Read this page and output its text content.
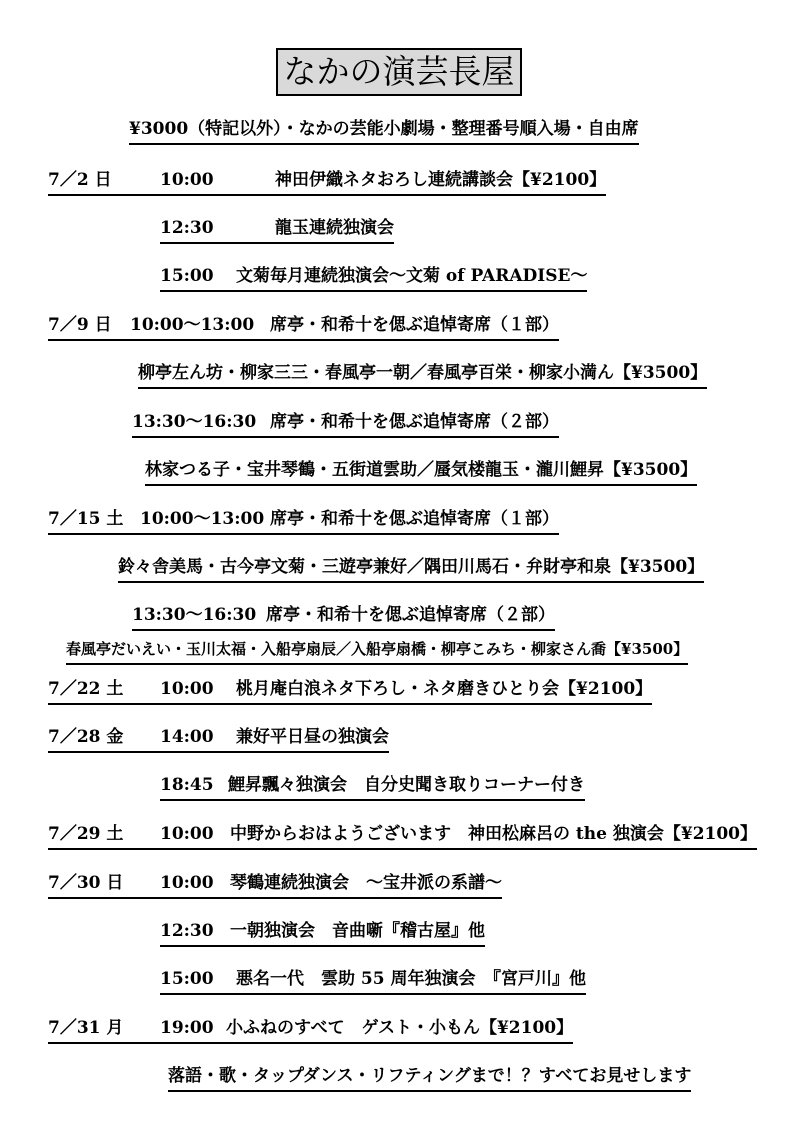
なかの演芸長屋
¥3000（特記以外）・なかの芸能小劇場・整理番号順入場・自由席
7／2 日	10:00	神田伊織ネタおろし連続講談会【¥2100】
12:30	龍玉連続独演会
15:00 文菊毎月連続独演会～文菊 of PARADISE～
7／9 日 10:00～13:00 席亭・和希十を偲ぶ追悼寄席（１部）
柳亭左ん坊・柳家三三・春風亭一朝／春風亭百栄・柳家小満ん【¥3500】
13:30～16:30 席亭・和希十を偲ぶ追悼寄席（２部）
林家つる子・宝井琴鶴・五街道雲助／蜃気楼龍玉・瀧川鯉昇【¥3500】
7／15 土 10:00～13:00 席亭・和希十を偲ぶ追悼寄席（１部）
鈴々舎美馬・古今亭文菊・三遊亭兼好／隅田川馬石・弁財亭和泉【¥3500】
13:30～16:30 席亭・和希十を偲ぶ追悼寄席（２部）
春風亭だいえい・玉川太福・入船亭扇辰／入船亭扇橋・柳亭こみち・柳家さん喬【¥3500】
7／22 土 10:00 桃月庵白浪ネタ下ろし・ネタ磨きひとり会【¥2100】
7／28 金 14:00 兼好平日昼の独演会
18:45 鯉昇飄々独演会　自分史聞き取りコーナー付き
7／29 土 10:00 中野からおはようございます　神田松麻呂の the 独演会【¥2100】
7／30 日 10:00 琴鶴連続独演会　～宝井派の系譜～
12:30 一朝独演会　音曲噺『稽古屋』他
15:00 悪名一代　雲助 55 周年独演会　『宮戸川』他
7／31 月 19:00 小ふねのすべて　ゲスト・小もん【¥2100】
落語・歌・タップダンス・リフティングまで！？すべてお見せします
